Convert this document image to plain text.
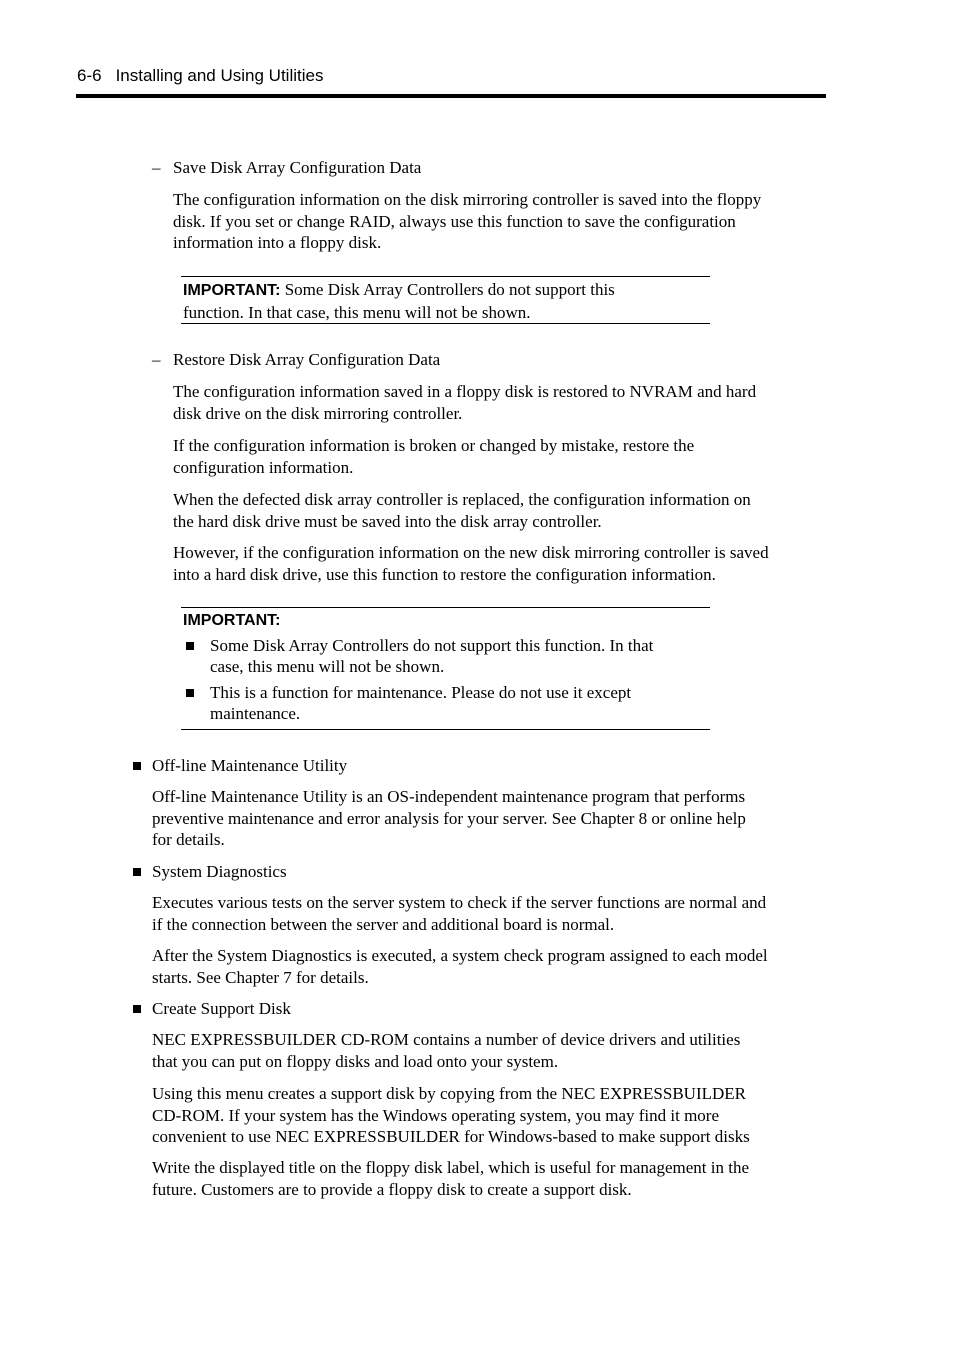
6-6 Installing and Using Utilities
– Save Disk Array Configuration Data
The configuration information on the disk mirroring controller is saved into the floppy
disk. If you set or change RAID, always use this function to save the configuration
information into a floppy disk.
IMPORTANT: Some Disk Array Controllers do not support this
function. In that case, this menu will not be shown.
– Restore Disk Array Configuration Data
The configuration information saved in a floppy disk is restored to NVRAM and hard
disk drive on the disk mirroring controller.
If the configuration information is broken or changed by mistake, restore the
configuration information.
When the defected disk array controller is replaced, the configuration information on
the hard disk drive must be saved into the disk array controller.
However, if the configuration information on the new disk mirroring controller is saved
into a hard disk drive, use this function to restore the configuration information.
IMPORTANT:
Some Disk Array Controllers do not support this function. In that
case, this menu will not be shown.
This is a function for maintenance. Please do not use it except
maintenance.
Off-line Maintenance Utility
Off-line Maintenance Utility is an OS-independent maintenance program that performs
preventive maintenance and error analysis for your server. See Chapter 8 or online help
for details.
System Diagnostics
Executes various tests on the server system to check if the server functions are normal and
if the connection between the server and additional board is normal.
After the System Diagnostics is executed, a system check program assigned to each model
starts. See Chapter 7 for details.
Create Support Disk
NEC EXPRESSBUILDER CD-ROM contains a number of device drivers and utilities
that you can put on floppy disks and load onto your system.
Using this menu creates a support disk by copying from the NEC EXPRESSBUILDER
CD-ROM. If your system has the Windows operating system, you may find it more
convenient to use NEC EXPRESSBUILDER for Windows-based to make support disks
Write the displayed title on the floppy disk label, which is useful for management in the
future. Customers are to provide a floppy disk to create a support disk.
